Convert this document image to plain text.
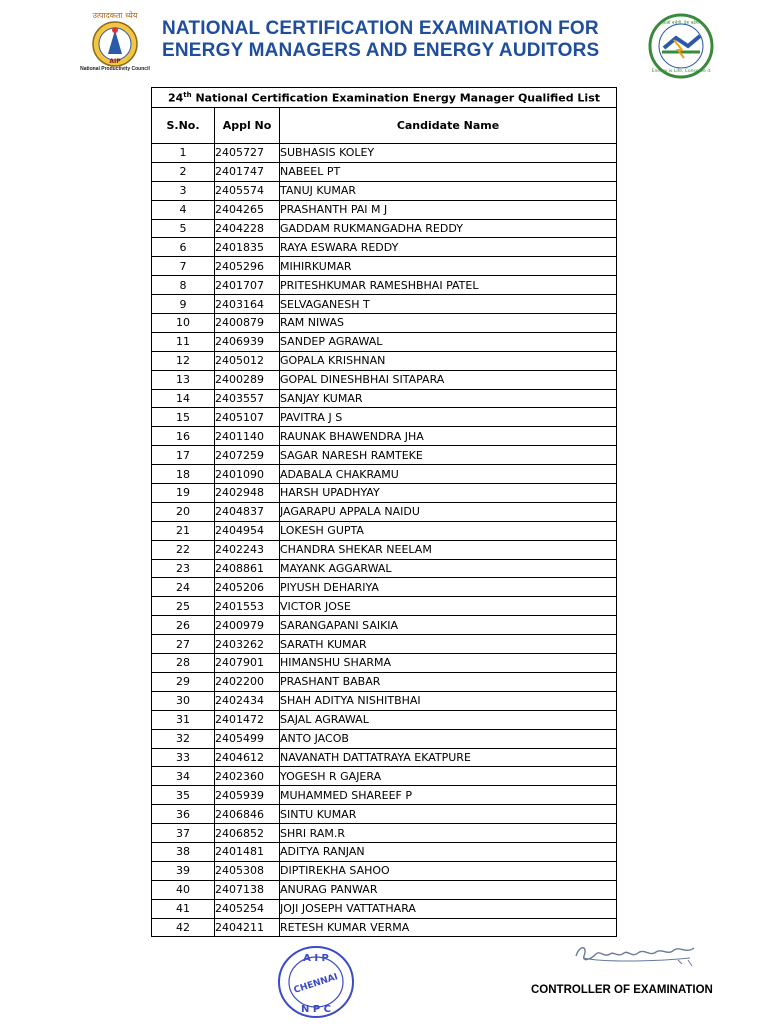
उत्पादकता ध्येय
AIP
National Productivity Council
NATIONAL CERTIFICATION EXAMINATION FOR
ENERGY MANAGERS AND ENERGY AUDITORS
ऊर्जा बचेगी, देश बढ़ेगा
Energy is Life, Conserve it
24th National Certification Examination Energy Manager Qualified List		
S.No.	Appl No	Candidate Name
1	2405727	SUBHASIS KOLEY
2	2401747	NABEEL PT
3	2405574	TANUJ KUMAR
4	2404265	PRASHANTH PAI M J
5	2404228	GADDAM RUKMANGADHA REDDY
6	2401835	RAYA ESWARA REDDY
7	2405296	MIHIRKUMAR
8	2401707	PRITESHKUMAR RAMESHBHAI PATEL
9	2403164	SELVAGANESH T
10	2400879	RAM NIWAS
11	2406939	SANDEP AGRAWAL
12	2405012	GOPALA KRISHNAN
13	2400289	GOPAL DINESHBHAI SITAPARA
14	2403557	SANJAY KUMAR
15	2405107	PAVITRA J S
16	2401140	RAUNAK BHAWENDRA JHA
17	2407259	SAGAR NARESH RAMTEKE
18	2401090	ADABALA CHAKRAMU
19	2402948	HARSH UPADHYAY
20	2404837	JAGARAPU APPALA NAIDU
21	2404954	LOKESH GUPTA
22	2402243	CHANDRA SHEKAR NEELAM
23	2408861	MAYANK AGGARWAL
24	2405206	PIYUSH DEHARIYA
25	2401553	VICTOR JOSE
26	2400979	SARANGAPANI SAIKIA
27	2403262	SARATH KUMAR
28	2407901	HIMANSHU SHARMA
29	2402200	PRASHANT BABAR
30	2402434	SHAH ADITYA NISHITBHAI
31	2401472	SAJAL AGRAWAL
32	2405499	ANTO JACOB
33	2404612	NAVANATH DATTATRAYA EKATPURE
34	2402360	YOGESH R GAJERA
35	2405939	MUHAMMED SHAREEF P
36	2406846	SINTU KUMAR
37	2406852	SHRI RAM.R
38	2401481	ADITYA RANJAN
39	2405308	DIPTIREKHA SAHOO
40	2407138	ANURAG PANWAR
41	2405254	JOJI JOSEPH VATTATHARA
42	2404211	RETESH KUMAR VERMA
A I P
CHENNAI
N P C
CONTROLLER OF EXAMINATION
